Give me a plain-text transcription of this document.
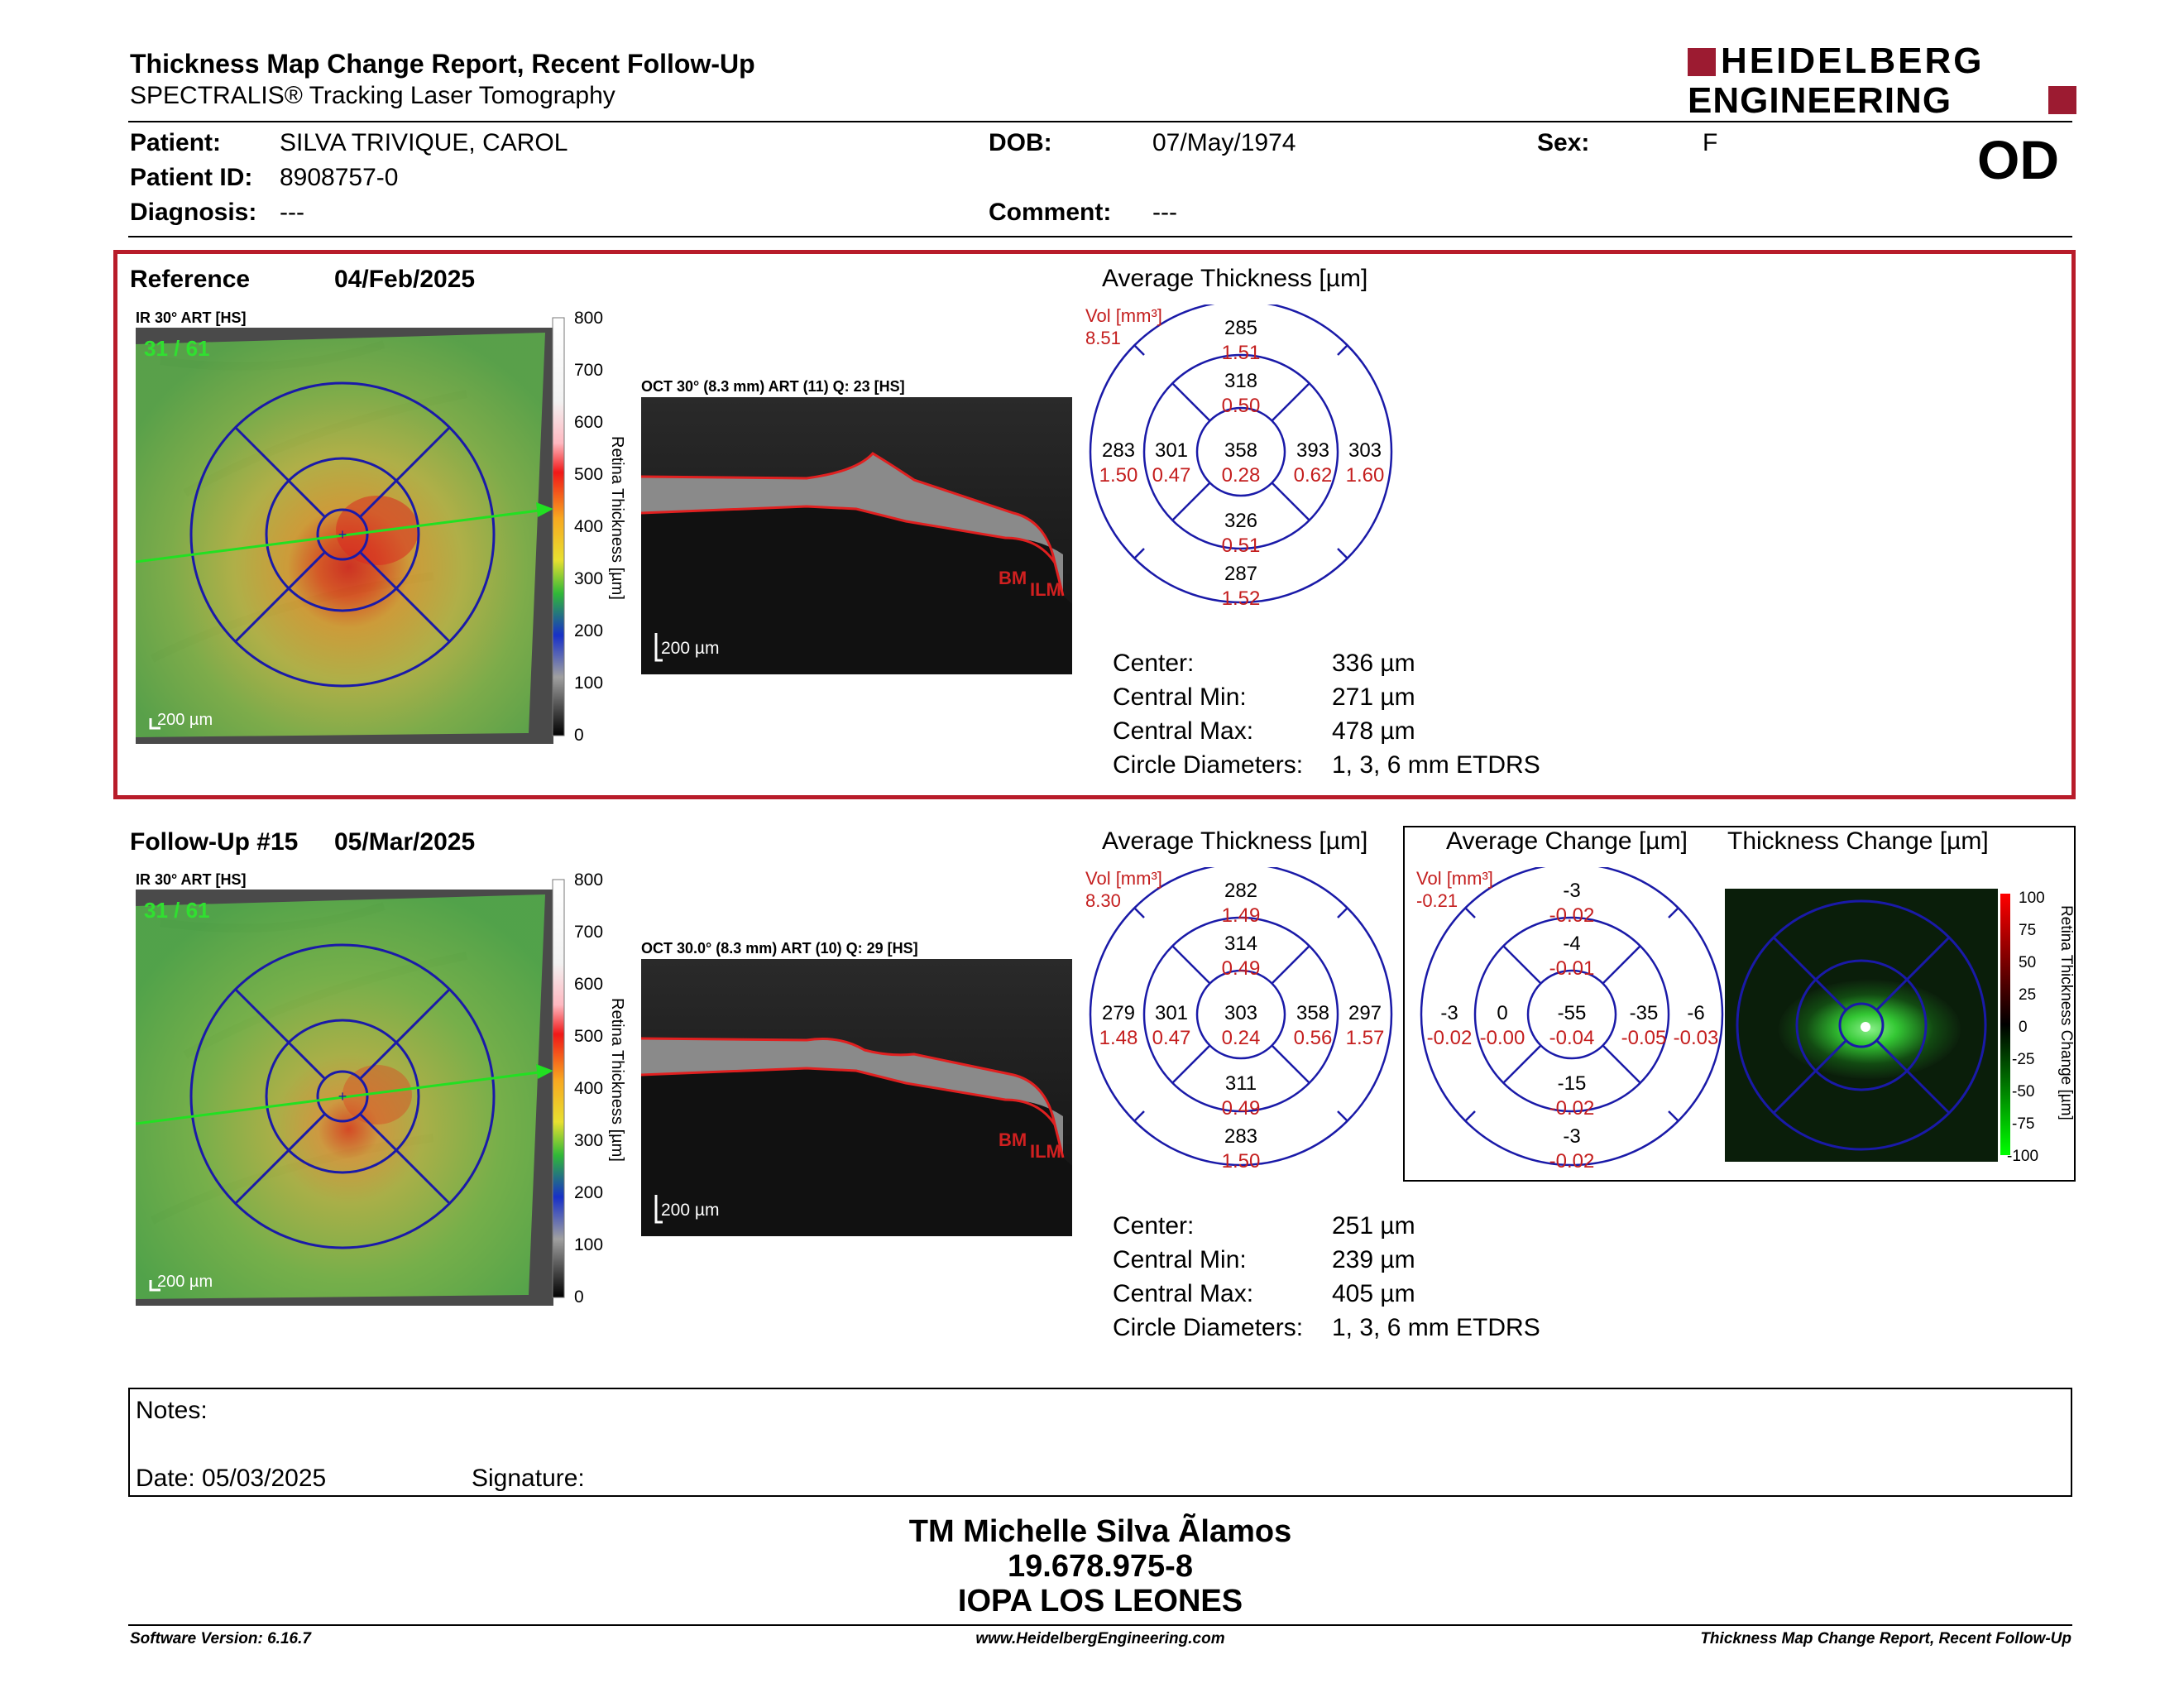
Thickness Map Change Report, Recent Follow-Up
SPECTRALIS® Tracking Laser Tomography
HEIDELBERG
ENGINEERING
Patient: SILVA TRIVIQUE, CAROL
Patient ID: 8908757-0
Diagnosis: ---
DOB:	07/May/1974
Comment: ---
Sex:	F	OD
Reference	04/Feb/2025
IR 30° ART [HS]
+
31 / 61
200 µm
800
700
600
500
400
300
200
100
0
Retina Thickness [µm]
OCT 30° (8.3 mm) ART (11) Q: 23 [HS]
BM
ILM
200 µm
Average Thickness [µm]
285
1.51
318
0.50
283
1.50
301
0.47
358
0.28
393
0.62
303
1.60
326
0.51
287
1.52
Vol [mm³]
8.51
Center:	336 µm
Central Min:	271 µm
Central Max:	478 µm
Circle Diameters: 1, 3, 6 mm ETDRS
Follow-Up #15 05/Mar/2025
IR 30° ART [HS]
+
31 / 61
200 µm
800
700
600
500
400
300
200
100
0
Retina Thickness [µm]
OCT 30.0° (8.3 mm) ART (10) Q: 29 [HS]
BM
ILM
200 µm
Average Thickness [µm]
282
1.49
314
0.49
279
1.48
301
0.47
303
0.24
358
0.56
297
1.57
311
0.49
283
1.50
Vol [mm³]
8.30
Average Change [µm] Thickness Change [µm]
-3
-0.02
-4
-0.01
-3
-0.02
0
-0.00
-55
-0.04
-35
-0.05
-6
-0.03
-15
-0.02
-3
-0.02
Vol [mm³]
-0.21	100
75
50
25
0
-25
-50
-75
-100
Retina Thickness Change [µm]
Center:	251 µm
Central Min:	239 µm
Central Max:	405 µm
Circle Diameters: 1, 3, 6 mm ETDRS
Notes:
Date: 05/03/2025	Signature:
TM Michelle Silva Ãlamos
19.678.975-8
IOPA LOS LEONES
Software Version: 6.16.7	www.HeidelbergEngineering.com	Thickness Map Change Report, Recent Follow-Up
